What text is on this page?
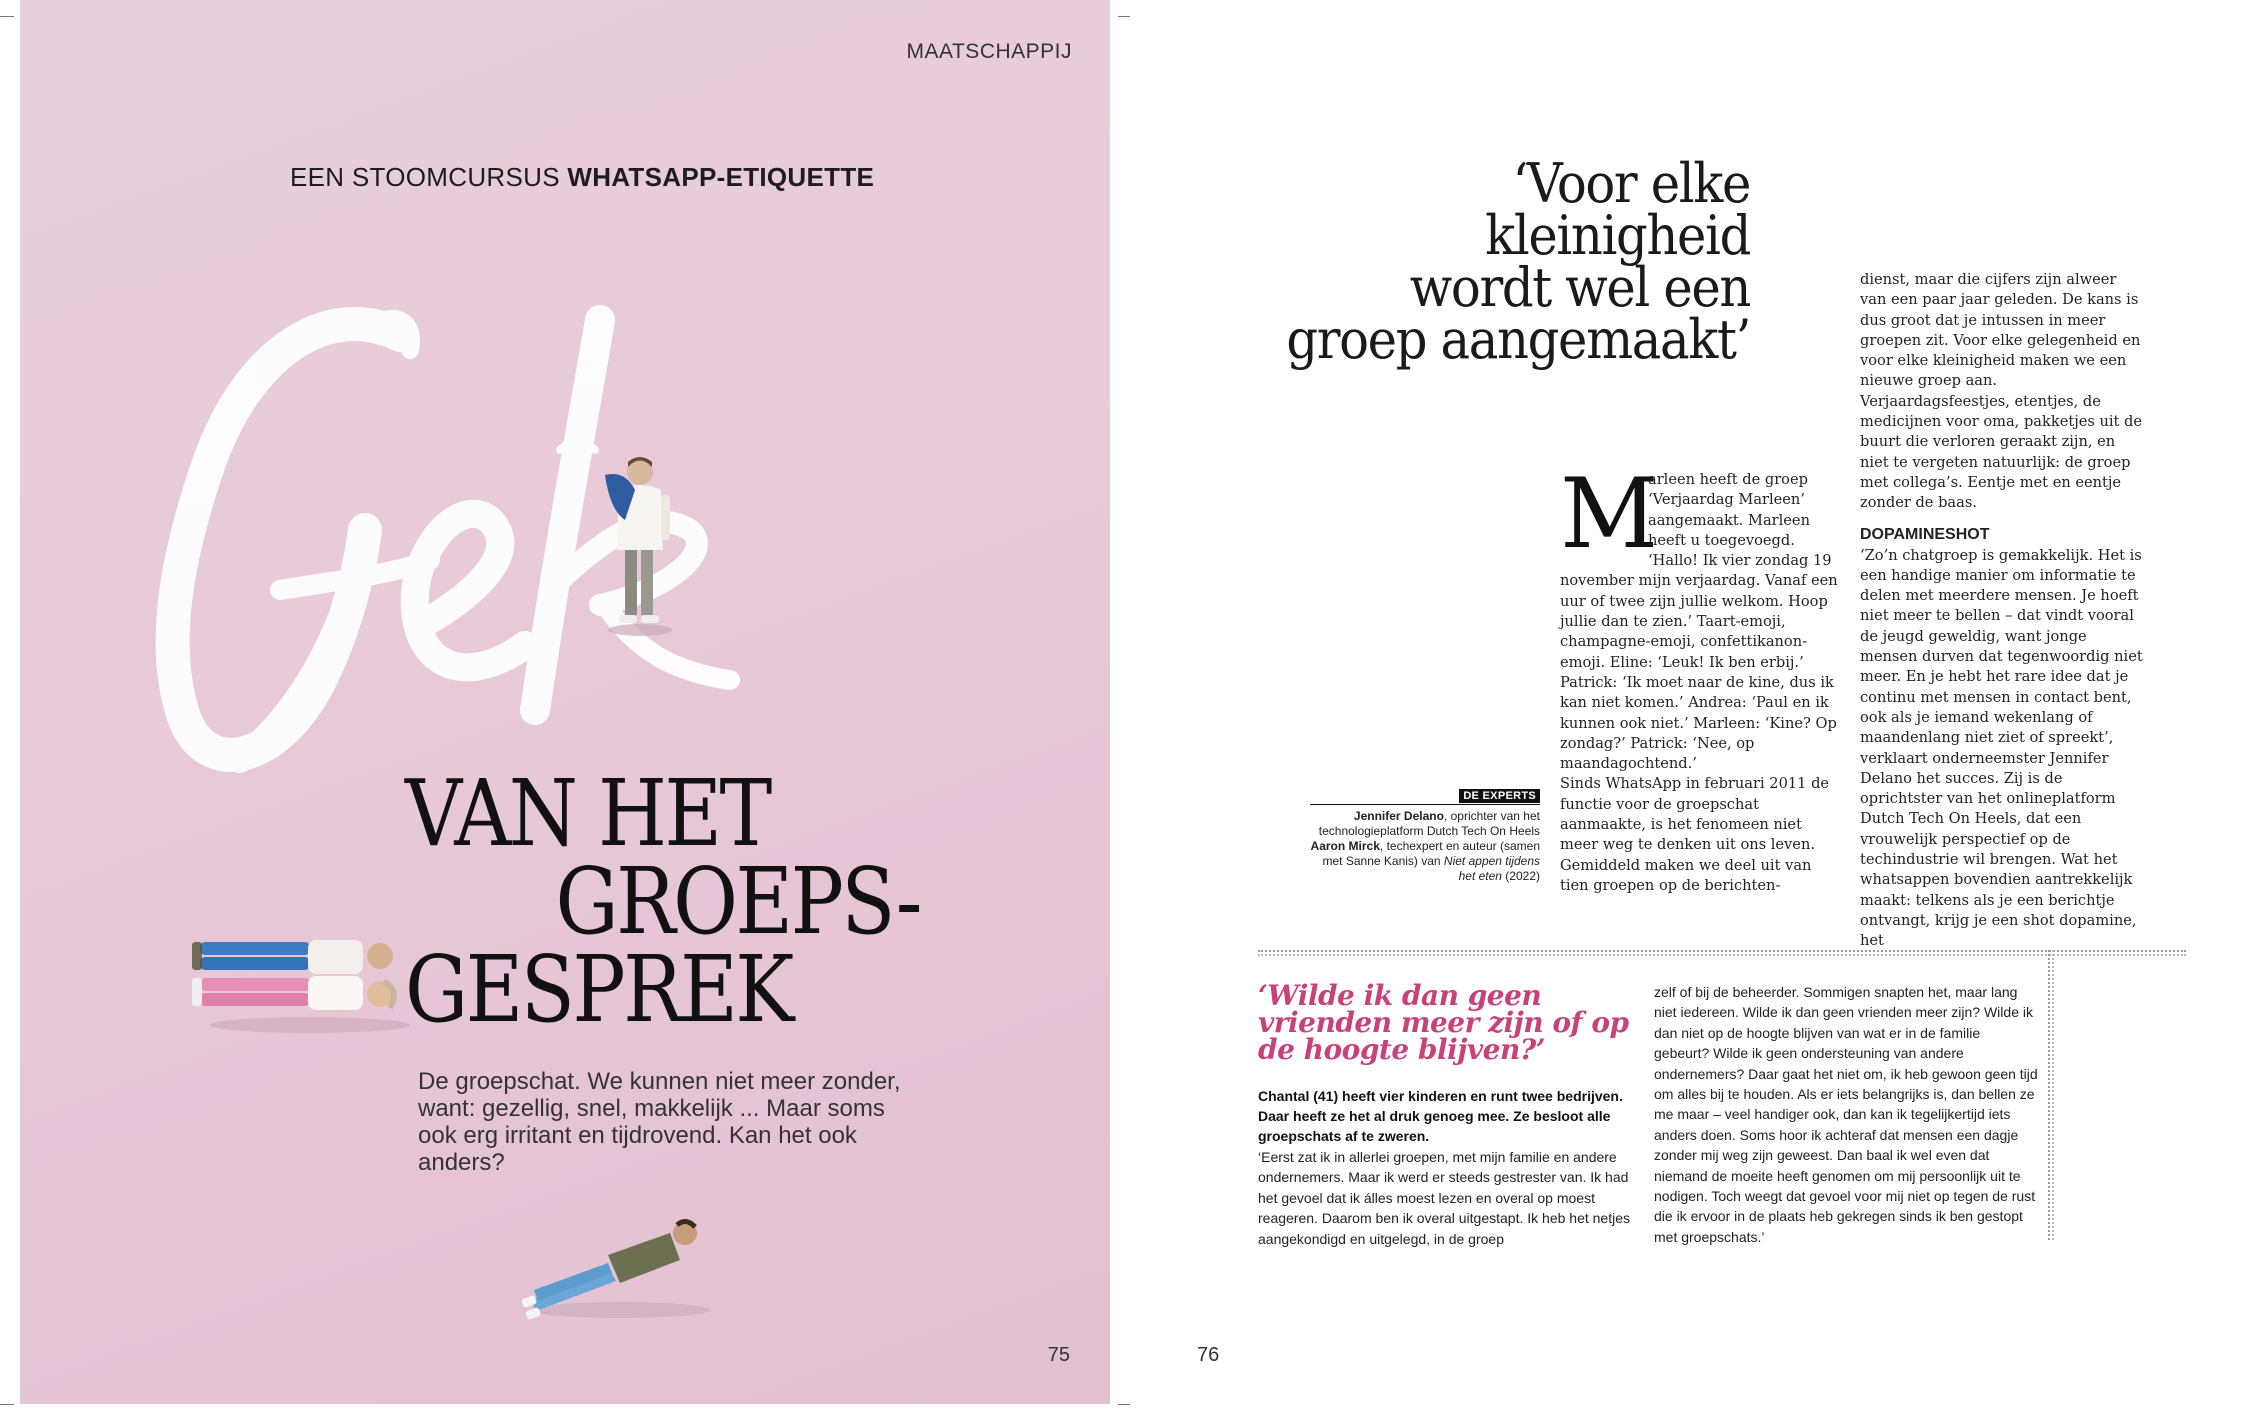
MAATSCHAPPIJ
EEN STOOMCURSUS WHATSAPP-ETIQUETTE
VAN HET
GROEPS-
GESPREK

De groepschat. We kunnen niet meer zonder, want: gezellig, snel, makkelijk ... Maar soms ook erg irritant en tijdrovend. Kan het ook anders?

75
‘Voor elke kleinigheid
wordt wel een
groep aangemaakt’
M
arleen heeft de groep ‘Verjaardag Marleen’ aangemaakt. Marleen heeft u toegevoegd. ‘Hallo! Ik vier zondag 19 november mijn verjaardag. Vanaf een uur of twee zijn jullie welkom. Hoop jullie dan te zien.’ Taart-emoji, champagne-emoji, confettikanon-emoji. Eline: ‘Leuk! Ik ben erbij.’ Patrick: ‘Ik moet naar de kine, dus ik kan niet komen.’ Andrea: ‘Paul en ik kunnen ook niet.’ Marleen: ‘Kine? Op zondag?’ Patrick: ‘Nee, op maandagochtend.’

Sinds WhatsApp in februari 2011 de functie voor de groepschat aanmaakte, is het fenomeen niet meer weg te denken uit ons leven. Gemiddeld maken we deel uit van tien groepen op de berichten-

dienst, maar die cijfers zijn alweer van een paar jaar geleden. De kans is dus groot dat je intussen in meer groepen zit. Voor elke gelegenheid en voor elke kleinigheid maken we een nieuwe groep aan. Verjaardagsfeestjes, etentjes, de medicijnen voor oma, pakketjes uit de buurt die verloren geraakt zijn, en niet te vergeten natuurlijk: de groep met collega’s. Eentje met en eentje zonder de baas.

DOPAMINESHOT

‘Zo’n chatgroep is gemakkelijk. Het is een handige manier om informatie te delen met meerdere mensen. Je hoeft niet meer te bellen – dat vindt vooral de jeugd geweldig, want jonge mensen durven dat tegenwoordig niet meer. En je hebt het rare idee dat je continu met mensen in contact bent, ook als je iemand wekenlang of maandenlang niet ziet of spreekt’, verklaart onderneemster Jennifer Delano het succes. Zij is de oprichtster van het onlineplatform Dutch Tech On Heels, dat een vrouwelijk perspectief op de techindustrie wil brengen. Wat het whatsappen bovendien aantrekkelijk maakt: telkens als je een berichtje ontvangt, krijg je een shot dopamine, het

DE EXPERTS
Jennifer Delano, oprichter van het technologieplatform Dutch Tech On Heels
Aaron Mirck, techexpert en auteur (samen met Sanne Kanis) van Niet appen tijdens het eten (2022)
‘Wilde ik dan geen vrienden meer zijn of op de hoogte blijven?’

Chantal (41) heeft vier kinderen en runt twee bedrijven. Daar heeft ze het al druk genoeg mee. Ze besloot alle groepschats af te zweren.

‘Eerst zat ik in allerlei groepen, met mijn familie en andere ondernemers. Maar ik werd er steeds gestrester van. Ik had het gevoel dat ik álles moest lezen en overal op moest reageren. Daarom ben ik overal uitgestapt. Ik heb het netjes aangekondigd en uitgelegd, in de groep

zelf of bij de beheerder. Sommigen snapten het, maar lang niet iedereen. Wilde ik dan geen vrienden meer zijn? Wilde ik dan niet op de hoogte blijven van wat er in de familie gebeurt? Wilde ik geen ondersteuning van andere ondernemers? Daar gaat het niet om, ik heb gewoon geen tijd om alles bij te houden. Als er iets belangrijks is, dan bellen ze me maar – veel handiger ook, dan kan ik tegelijkertijd iets anders doen. Soms hoor ik achteraf dat mensen een dagje zonder mij weg zijn geweest. Dan baal ik wel even dat niemand de moeite heeft genomen om mij persoonlijk uit te nodigen. Toch weegt dat gevoel voor mij niet op tegen de rust die ik ervoor in de plaats heb gekregen sinds ik ben gestopt met groepschats.’

76
